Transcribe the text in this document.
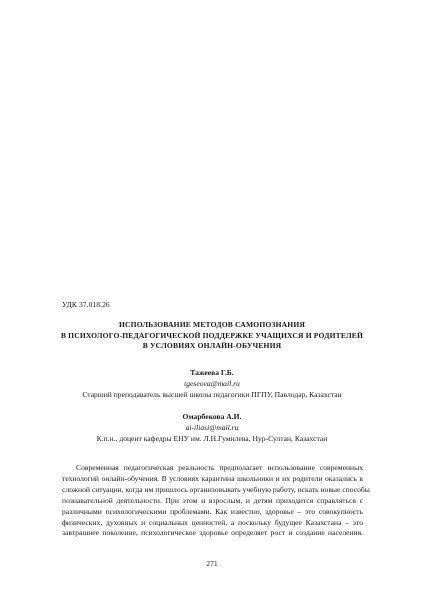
УДК 37.018.26
ИСПОЛЬЗОВАНИЕ МЕТОДОВ САМОПОЗНАНИЯ
В ПСИХОЛОГО-ПЕДАГОГИЧЕСКОЙ ПОДДЕРЖКЕ УЧАЩИХСЯ И РОДИТЕЛЕЙ
В УСЛОВИЯХ ОНЛАЙН-ОБУЧЕНИЯ
Тажеева Г.Б.
tgeseova@mail.ru
Старший преподаватель высшей школы педагогики ПГПУ, Павлодар, Казахстан
Омарбекова А.И.
ai-iliasi@mail.ru
К.п.н., доцент кафедры ЕНУ им. Л.Н.Гумилева, Нур-Султан, Казахстан
Современная педагогическая реальность предполагает использование современных
технологий онлайн-обучения. В условиях карантина школьники и их родители оказались в
сложной ситуации, когда им пришлось организовывать учебную работу, искать новые способы
познавательной деятельности. При этом и взрослым, и детям приходится справляться с
различными психологическими проблемами. Как известно, здоровье – это совокупность
физических, духовных и социальных ценностей, а поскольку будущее Казахстана – это
завтрашнее поколение, психологическое здоровье определяет рост и создание населения.
271
